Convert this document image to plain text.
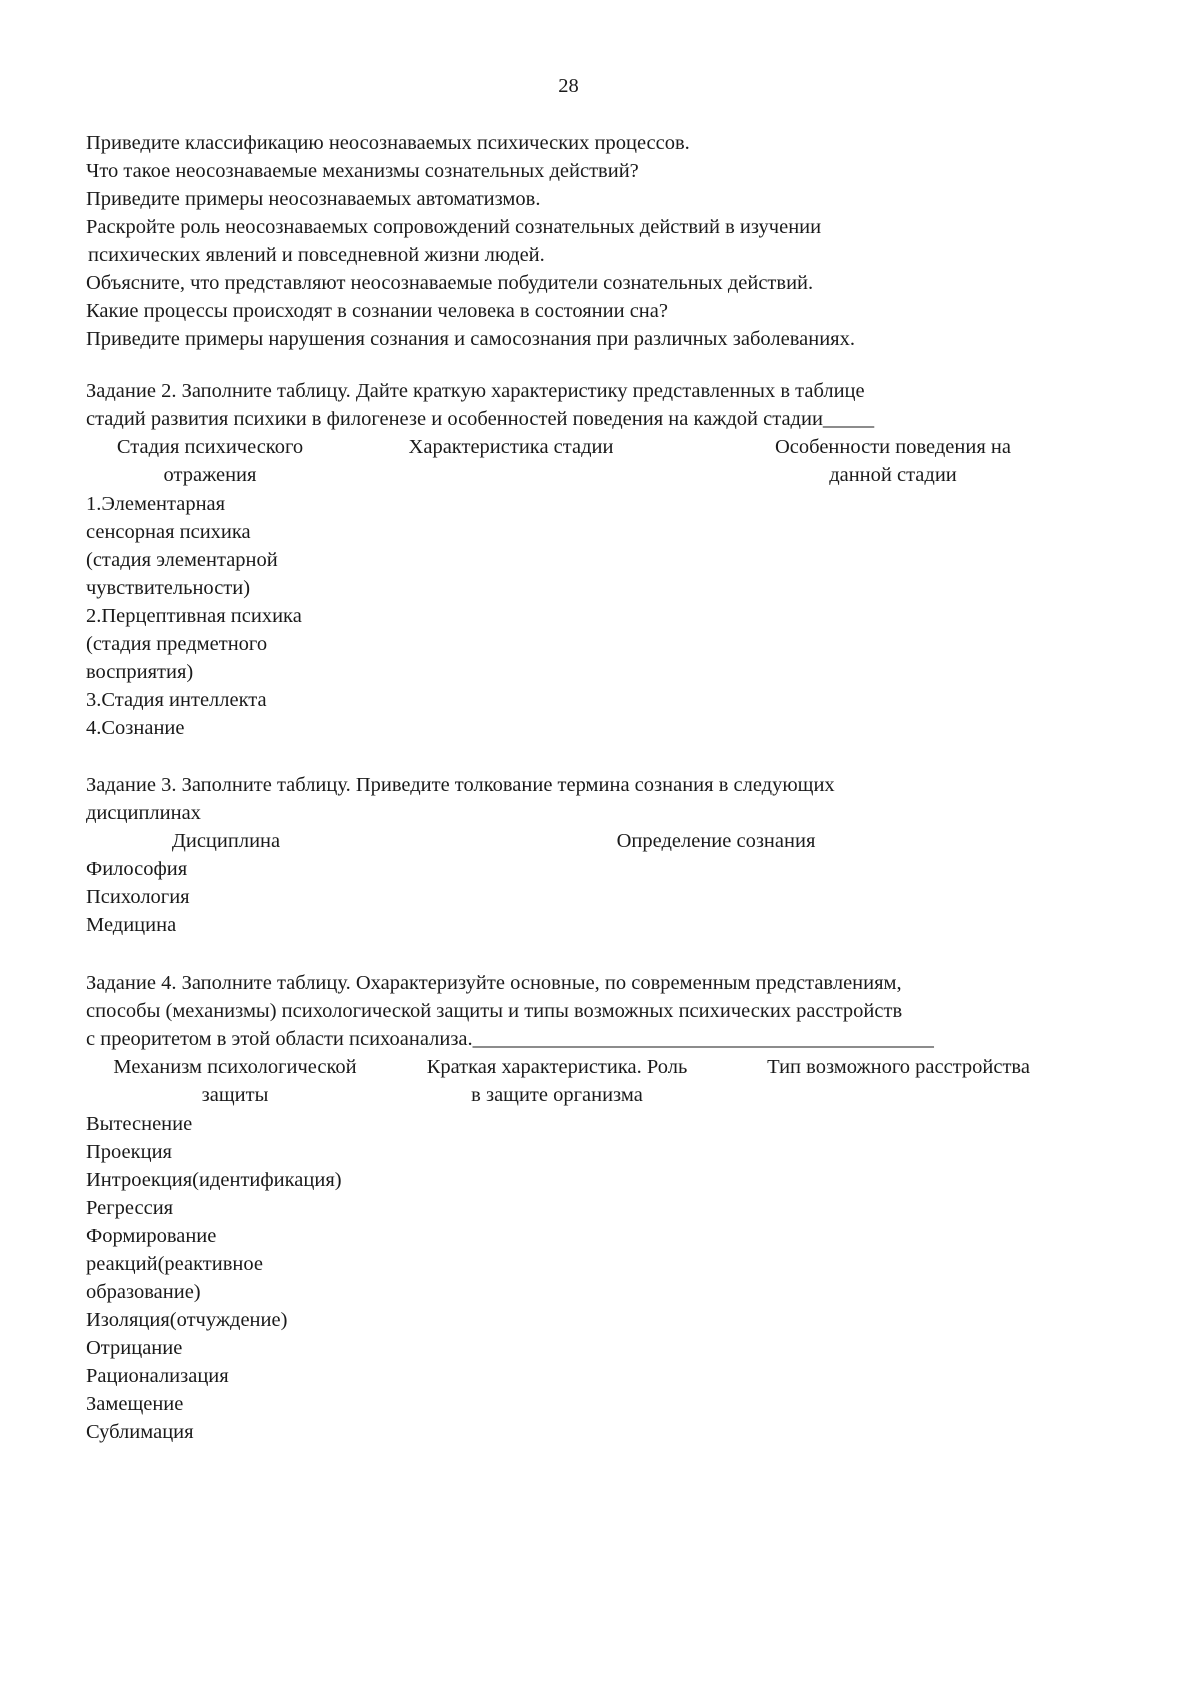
28
Приведите классификацию неосознаваемых психических процессов.
Что такое неосознаваемые механизмы сознательных действий?
Приведите примеры неосознаваемых автоматизмов.
Раскройте роль неосознаваемых сопровождений сознательных действий в изучении
психических явлений и повседневной жизни людей.
Объясните, что представляют неосознаваемые побудители сознательных действий.
Какие процессы происходят в сознании человека в состоянии сна?
Приведите примеры нарушения сознания и самосознания при различных заболеваниях.
Задание 2. Заполните таблицу. Дайте краткую характеристику представленных в таблице
стадий развития психики в филогенезе и особенностей поведения на каждой стадии_____
Стадия психического
отражения
Характеристика стадии	Особенности поведения на
данной стадии
1.Элементарная
сенсорная психика
(стадия элементарной
чувствительности)
2.Перцептивная психика
(стадия предметного
восприятия)
3.Стадия интеллекта
4.Сознание
Задание 3. Заполните таблицу. Приведите толкование термина сознания в следующих
дисциплинах
Дисциплина	Определение сознания
Философия
Психология
Медицина
Задание 4. Заполните таблицу. Охарактеризуйте основные, по современным представлениям,
способы (механизмы) психологической защиты и типы возможных психических расстройств
с преоритетом в этой области психоанализа._____________________________________________
Механизм психологической
защиты
Краткая характеристика. Роль
в защите организма
Тип возможного расстройства
Вытеснение
Проекция
Интроекция(идентификация)
Регрессия
Формирование
реакций(реактивное
образование)
Изоляция(отчуждение)
Отрицание
Рационализация
Замещение
Сублимация
